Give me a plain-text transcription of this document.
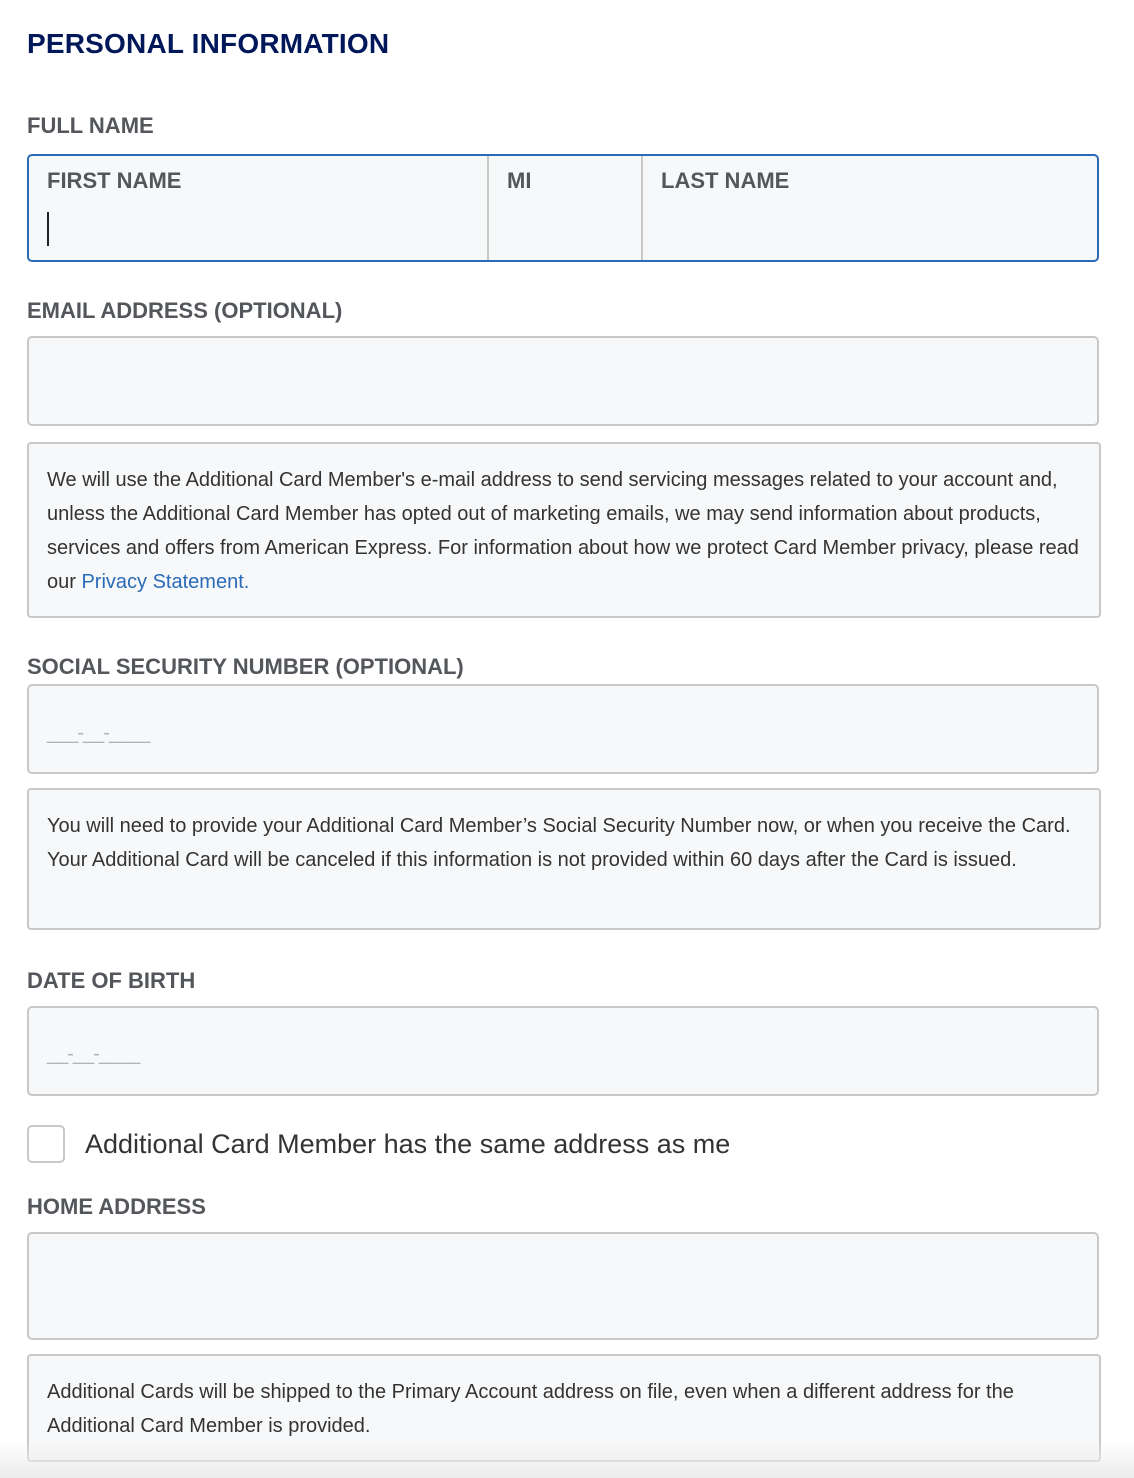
PERSONAL INFORMATION
FULL NAME
FIRST NAME	MI	LAST NAME
EMAIL ADDRESS (OPTIONAL)
We will use the Additional Card Member's e-mail address to send servicing messages related to your account and, unless the Additional Card Member has opted out of marketing emails, we may send information about products, services and offers from American Express. For information about how we protect Card Member privacy, please read our Privacy Statement.
SOCIAL SECURITY NUMBER (OPTIONAL)
___-__-____
You will need to provide your Additional Card Member’s Social Security Number now, or when you receive the Card. Your Additional Card will be canceled if this information is not provided within 60 days after the Card is issued.
DATE OF BIRTH
__-__-____
Additional Card Member has the same address as me
HOME ADDRESS
Additional Cards will be shipped to the Primary Account address on file, even when a different address for the Additional Card Member is provided.
